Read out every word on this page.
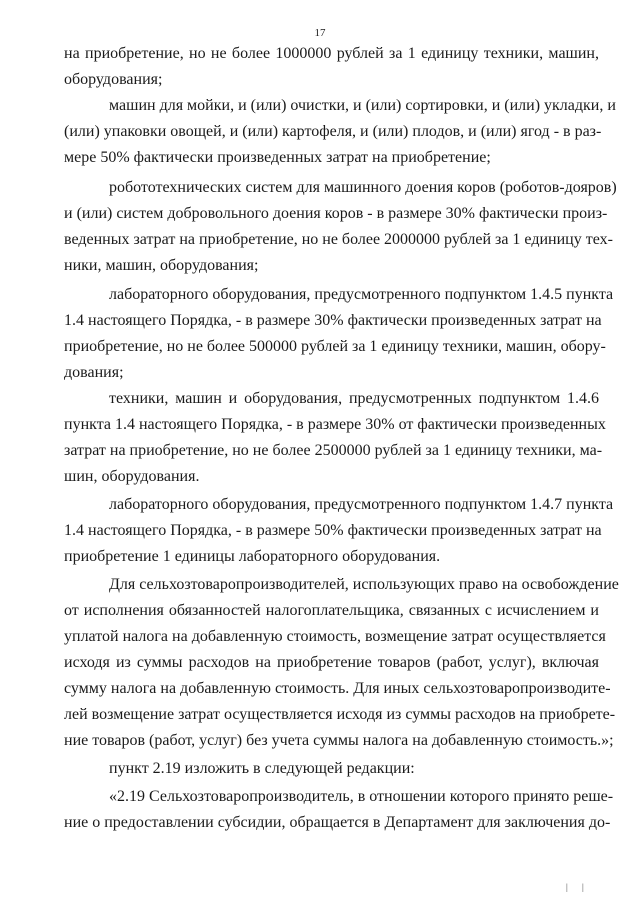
17
на приобретение, но не более 1000000 рублей за 1 единицу техники, машин,
оборудования;
машин для мойки, и (или) очистки, и (или) сортировки, и (или) укладки, и
(или) упаковки овощей, и (или) картофеля, и (или) плодов, и (или) ягод - в раз-
мере 50% фактически произведенных затрат на приобретение;
робототехнических систем для машинного доения коров (роботов-дояров)
и (или) систем добровольного доения коров - в размере 30% фактически произ-
веденных затрат на приобретение, но не более 2000000 рублей за 1 единицу тех-
ники, машин, оборудования;
лабораторного оборудования, предусмотренного подпунктом 1.4.5 пункта
1.4 настоящего Порядка, - в размере 30% фактически произведенных затрат на
приобретение, но не более 500000 рублей за 1 единицу техники, машин, обору-
дования;
техники, машин и оборудования, предусмотренных подпунктом 1.4.6
пункта 1.4 настоящего Порядка, - в размере 30% от фактически произведенных
затрат на приобретение, но не более 2500000 рублей за 1 единицу техники, ма-
шин, оборудования.
лабораторного оборудования, предусмотренного подпунктом 1.4.7 пункта
1.4 настоящего Порядка, - в размере 50% фактически произведенных затрат на
приобретение 1 единицы лабораторного оборудования.
Для сельхозтоваропроизводителей, использующих право на освобождение
от исполнения обязанностей налогоплательщика, связанных с исчислением и
уплатой налога на добавленную стоимость, возмещение затрат осуществляется
исходя из суммы расходов на приобретение товаров (работ, услуг), включая
сумму налога на добавленную стоимость. Для иных сельхозтоваропроизводите-
лей возмещение затрат осуществляется исходя из суммы расходов на приобрете-
ние товаров (работ, услуг) без учета суммы налога на добавленную стоимость.»;
пункт 2.19 изложить в следующей редакции:
«2.19 Сельхозтоваропроизводитель, в отношении которого принято реше-
ние о предоставлении субсидии, обращается в Департамент для заключения до-
| |
